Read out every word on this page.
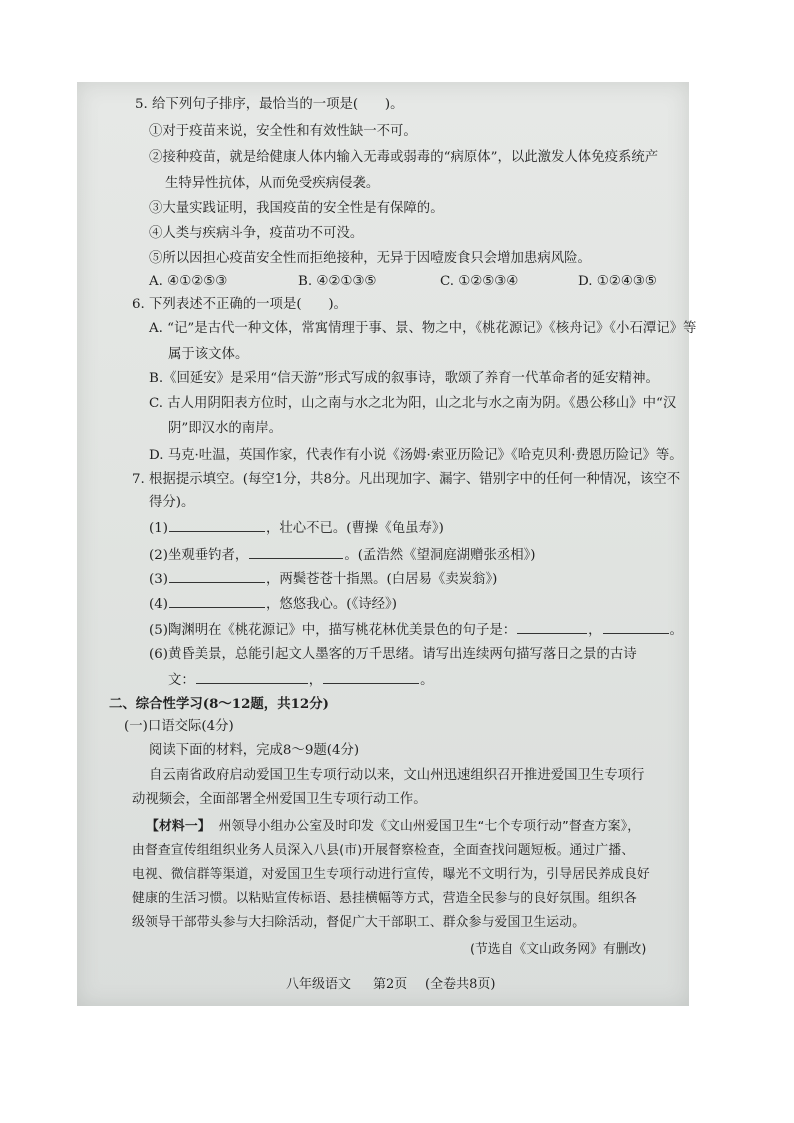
5. 给下列句子排序，最恰当的一项是(　　)。
①对于疫苗来说，安全性和有效性缺一不可。
②接种疫苗，就是给健康人体内输入无毒或弱毒的“病原体”，以此激发人体免疫系统产
生特异性抗体，从而免受疾病侵袭。
③大量实践证明，我国疫苗的安全性是有保障的。
④人类与疾病斗争，疫苗功不可没。
⑤所以因担心疫苗安全性而拒绝接种，无异于因噎废食只会增加患病风险。
A. ④①②⑤③	B. ④②①③⑤	C. ①②⑤③④	D. ①②④③⑤
6. 下列表述不正确的一项是(　　)。
A. “记”是古代一种文体，常寓情理于事、景、物之中，《桃花源记》《核舟记》《小石潭记》等
属于该文体。
B.《回延安》是采用“信天游”形式写成的叙事诗，歌颂了养育一代革命者的延安精神。
C. 古人用阴阳表方位时，山之南与水之北为阳，山之北与水之南为阴。《愚公移山》中“汉
阴”即汉水的南岸。
D. 马克·吐温，英国作家，代表作有小说《汤姆·索亚历险记》《哈克贝利·费恩历险记》等。
7. 根据提示填空。(每空1分，共8分。凡出现加字、漏字、错别字中的任何一种情况，该空不
得分)。
(1)	，壮心不已。(曹操《龟虽寿》)
(2)坐观垂钓者，	。(孟浩然《望洞庭湖赠张丞相》)
(3)	，两鬓苍苍十指黑。(白居易《卖炭翁》)
(4)	，悠悠我心。(《诗经》)
(5)陶渊明在《桃花源记》中，描写桃花林优美景色的句子是：	，	。
(6)黄昏美景，总能引起文人墨客的万千思绪。请写出连续两句描写落日之景的古诗
文：	，	。
二、综合性学习(8～12题，共12分)
(一)口语交际(4分)
阅读下面的材料，完成8～9题(4分)
自云南省政府启动爱国卫生专项行动以来，文山州迅速组织召开推进爱国卫生专项行
动视频会，全面部署全州爱国卫生专项行动工作。
【材料一】 州领导小组办公室及时印发《文山州爱国卫生“七个专项行动”督查方案》，
由督查宣传组组织业务人员深入八县(市)开展督察检查，全面查找问题短板。通过广播、
电视、微信群等渠道，对爱国卫生专项行动进行宣传，曝光不文明行为，引导居民养成良好
健康的生活习惯。以粘贴宣传标语、悬挂横幅等方式，营造全民参与的良好氛围。组织各
级领导干部带头参与大扫除活动，督促广大干部职工、群众参与爱国卫生运动。
(节选自《文山政务网》有删改)
八年级语文 第2页 (全卷共8页)
